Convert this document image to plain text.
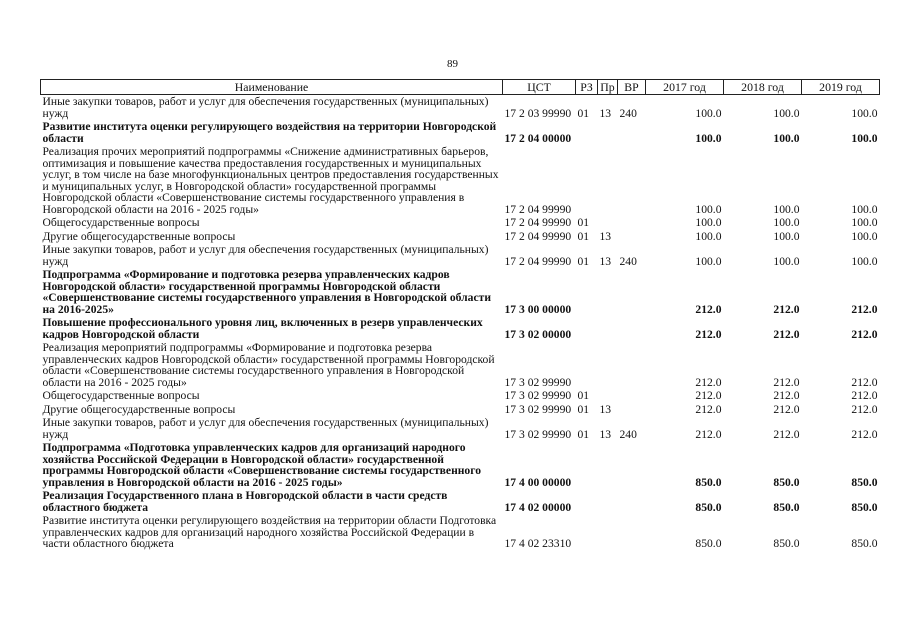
89
Наименование	ЦСТ	РЗ	Пр	ВР	2017 год	2018 год	2019 год
Иные закупки товаров, работ и услуг для обеспечения государственных (муниципальных) нужд	17 2 03 99990	01	13	240	100.0	100.0	100.0
Развитие института оценки регулирующего воздействия на территории Новгородской области	17 2 04 00000				100.0	100.0	100.0
Реализация прочих мероприятий подпрограммы «Снижение административных барьеров, оптимизация и повышение качества предоставления государственных и муниципальных услуг, в том числе на базе многофункциональных центров предоставления государственных и муниципальных услуг, в Новгородской области» государственной программы Новгородской области «Совершенствование системы государственного управления в Новгородской области на 2016 - 2025 годы»	17 2 04 99990				100.0	100.0	100.0
Общегосударственные вопросы	17 2 04 99990	01			100.0	100.0	100.0
Другие общегосударственные вопросы	17 2 04 99990	01	13		100.0	100.0	100.0
Иные закупки товаров, работ и услуг для обеспечения государственных (муниципальных) нужд	17 2 04 99990	01	13	240	100.0	100.0	100.0
Подпрограмма «Формирование и подготовка резерва управленческих кадров Новгородской области» государственной программы Новгородской области «Совершенствование системы государственного управления в Новгородской области на 2016-2025»	17 3 00 00000				212.0	212.0	212.0
Повышение профессионального уровня лиц, включенных в резерв управленческих кадров Новгородской области	17 3 02 00000				212.0	212.0	212.0
Реализация мероприятий подпрограммы «Формирование и подготовка резерва управленческих кадров Новгородской области» государственной программы Новгородской области «Совершенствование системы государственного управления в Новгородской области на 2016 - 2025 годы»	17 3 02 99990				212.0	212.0	212.0
Общегосударственные вопросы	17 3 02 99990	01			212.0	212.0	212.0
Другие общегосударственные вопросы	17 3 02 99990	01	13		212.0	212.0	212.0
Иные закупки товаров, работ и услуг для обеспечения государственных (муниципальных) нужд	17 3 02 99990	01	13	240	212.0	212.0	212.0
Подпрограмма «Подготовка управленческих кадров для организаций народного хозяйства Российской Федерации в Новгородской области» государственной программы Новгородской области «Совершенствование системы государственного управления в Новгородской области на 2016 - 2025 годы»	17 4 00 00000				850.0	850.0	850.0
Реализация Государственного плана в Новгородской области в части средств областного бюджета	17 4 02 00000				850.0	850.0	850.0
Развитие института оценки регулирующего воздействия на территории области Подготовка управленческих кадров для организаций народного хозяйства Российской Федерации в части областного бюджета	17 4 02 23310				850.0	850.0	850.0
